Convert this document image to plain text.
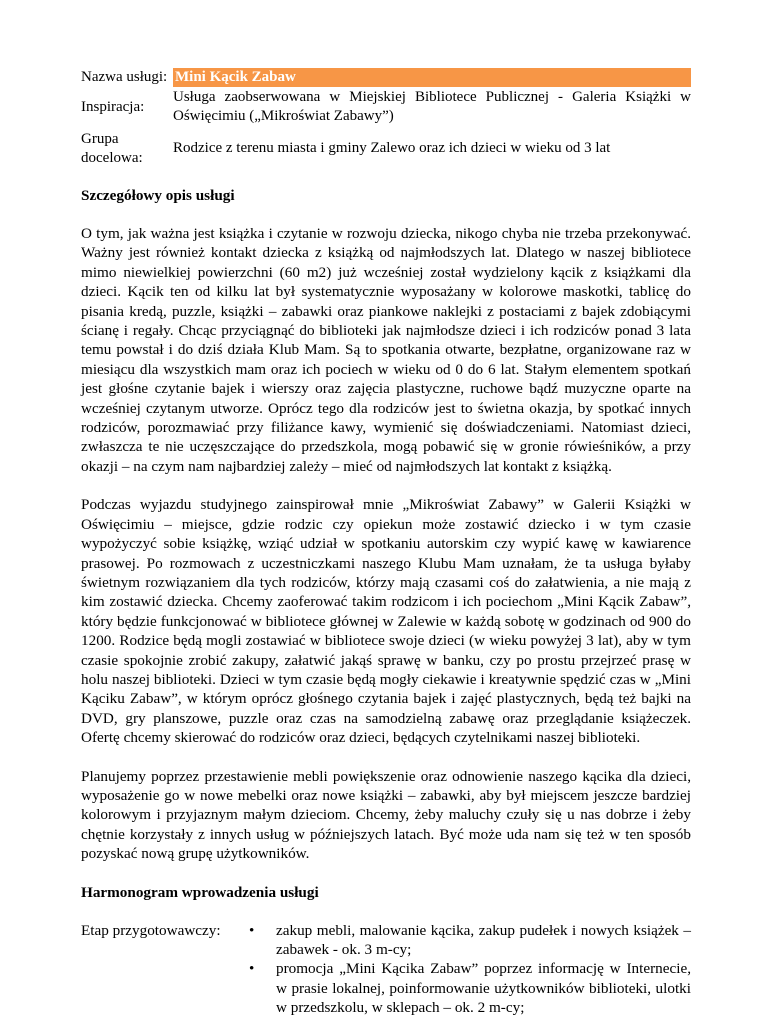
Nazwa usługi:	Mini Kącik Zabaw

Inspiracja:	Usługa zaobserwowana w Miejskiej Bibliotece Publicznej - Galeria Książki w Oświęcimiu („Mikroświat Zabawy”)
Grupa docelowa:	Rodzice z terenu miasta i gminy Zalewo oraz ich dzieci w wieku od 3 lat
Szczegółowy opis usługi

O tym, jak ważna jest książka i czytanie w rozwoju dziecka, nikogo chyba nie trzeba przekonywać. Ważny jest również kontakt dziecka z książką od najmłodszych lat. Dlatego w naszej bibliotece mimo niewielkiej powierzchni (60 m2) już wcześniej został wydzielony kącik z książkami dla dzieci. Kącik ten od kilku lat był systematycznie wyposażany w kolorowe maskotki, tablicę do pisania kredą, puzzle, książki – zabawki oraz piankowe naklejki z postaciami z bajek zdobiącymi ścianę i regały. Chcąc przyciągnąć do biblioteki jak najmłodsze dzieci i ich rodziców ponad 3 lata temu powstał i do dziś działa Klub Mam. Są to spotkania otwarte, bezpłatne, organizowane raz w miesiącu dla wszystkich mam oraz ich pociech w wieku od 0 do 6 lat. Stałym elementem spotkań jest głośne czytanie bajek i wierszy oraz zajęcia plastyczne, ruchowe bądź muzyczne oparte na wcześniej czytanym utworze. Oprócz tego dla rodziców jest to świetna okazja, by spotkać innych rodziców, porozmawiać przy filiżance kawy, wymienić się doświadczeniami. Natomiast dzieci, zwłaszcza te nie uczęszczające do przedszkola, mogą pobawić się w gronie rówieśników, a przy okazji – na czym nam najbardziej zależy – mieć od najmłodszych lat kontakt z książką.

Podczas wyjazdu studyjnego zainspirował mnie „Mikroświat Zabawy” w Galerii Książki w Oświęcimiu – miejsce, gdzie rodzic czy opiekun może zostawić dziecko i w tym czasie wypożyczyć sobie książkę, wziąć udział w spotkaniu autorskim czy wypić kawę w kawiarence prasowej. Po rozmowach z uczestniczkami naszego Klubu Mam uznałam, że ta usługa byłaby świetnym rozwiązaniem dla tych rodziców, którzy mają czasami coś do załatwienia, a nie mają z kim zostawić dziecka. Chcemy zaoferować takim rodzicom i ich pociechom „Mini Kącik Zabaw”, który będzie funkcjonować w bibliotece głównej w Zalewie w każdą sobotę w godzinach od 900 do 1200. Rodzice będą mogli zostawiać w bibliotece swoje dzieci (w wieku powyżej 3 lat), aby w tym czasie spokojnie zrobić zakupy, załatwić jakąś sprawę w banku, czy po prostu przejrzeć prasę w holu naszej biblioteki. Dzieci w tym czasie będą mogły ciekawie i kreatywnie spędzić czas w „Mini Kąciku Zabaw”, w którym oprócz głośnego czytania bajek i zajęć plastycznych, będą też bajki na DVD, gry planszowe, puzzle oraz czas na samodzielną zabawę oraz przeglądanie książeczek. Ofertę chcemy skierować do rodziców oraz dzieci, będących czytelnikami naszej biblioteki.

Planujemy poprzez przestawienie mebli powiększenie oraz odnowienie naszego kącika dla dzieci, wyposażenie go w nowe mebelki oraz nowe książki – zabawki, aby był miejscem jeszcze bardziej kolorowym i przyjaznym małym dzieciom. Chcemy, żeby maluchy czuły się u nas dobrze i żeby chętnie korzystały z innych usług w późniejszych latach. Być może uda nam się też w ten sposób pozyskać nową grupę użytkowników.

Harmonogram wprowadzenia usługi
Etap przygotowawczy:	• zakup mebli, malowanie kącika, zakup pudełek i nowych książek – zabawek - ok. 3 m-cy;
• promocja „Mini Kącika Zabaw” poprzez informację w Internecie, w prasie lokalnej, poinformowanie użytkowników biblioteki, ulotki w przedszkolu, w sklepach – ok. 2 m-cy;
